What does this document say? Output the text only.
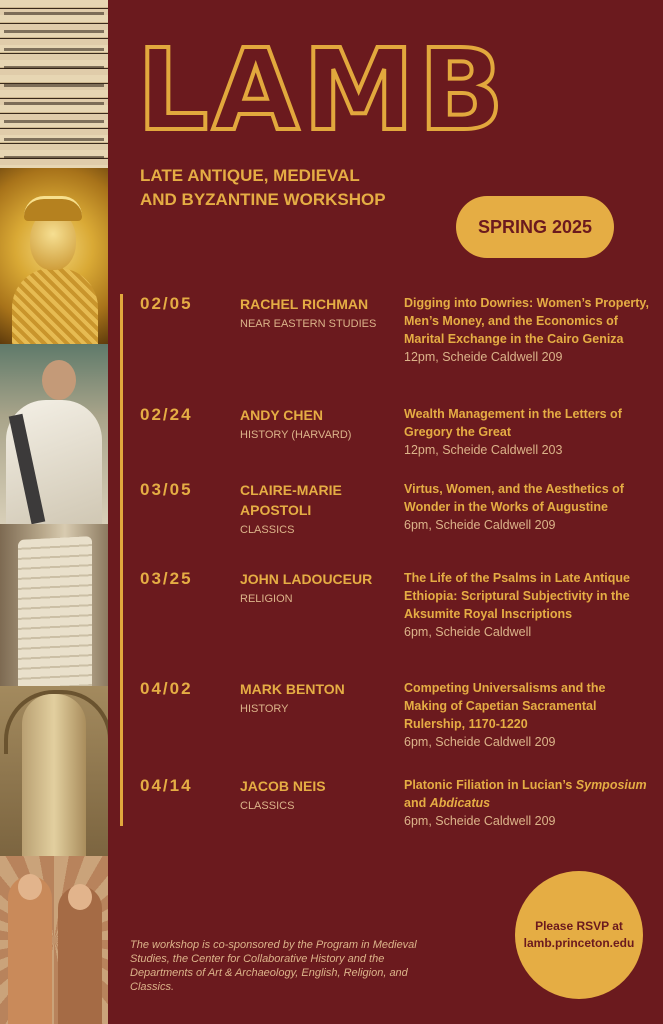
LAMB
LATE ANTIQUE, MEDIEVAL
AND BYZANTINE WORKSHOP
SPRING 2025
02/05	RACHEL RICHMAN
NEAR EASTERN STUDIES
Digging into Dowries: Women’s Property, Men’s Money, and the Economics of Marital Exchange in the Cairo Geniza
12pm, Scheide Caldwell 209
02/24	ANDY CHEN
HISTORY (HARVARD)
Wealth Management in the Letters of Gregory the Great
12pm, Scheide Caldwell 203
03/05	CLAIRE-MARIE APOSTOLI
CLASSICS
Virtus, Women, and the Aesthetics of Wonder in the Works of Augustine
6pm, Scheide Caldwell 209
03/25	JOHN LADOUCEUR
RELIGION
The Life of the Psalms in Late Antique Ethiopia: Scriptural Subjectivity in the Aksumite Royal Inscriptions
6pm, Scheide Caldwell
04/02	MARK BENTON
HISTORY
Competing Universalisms and the Making of Capetian Sacramental Rulership, 1170-1220
6pm, Scheide Caldwell 209
04/14	JACOB NEIS
CLASSICS
Platonic Filiation in Lucian’s Symposium and Abdicatus
6pm, Scheide Caldwell 209
Please RSVP at
lamb.princeton.edu
The workshop is co-sponsored by the Program in Medieval Studies, the Center for Collaborative History and the Departments of Art & Archaeology, English, Religion, and Classics.
